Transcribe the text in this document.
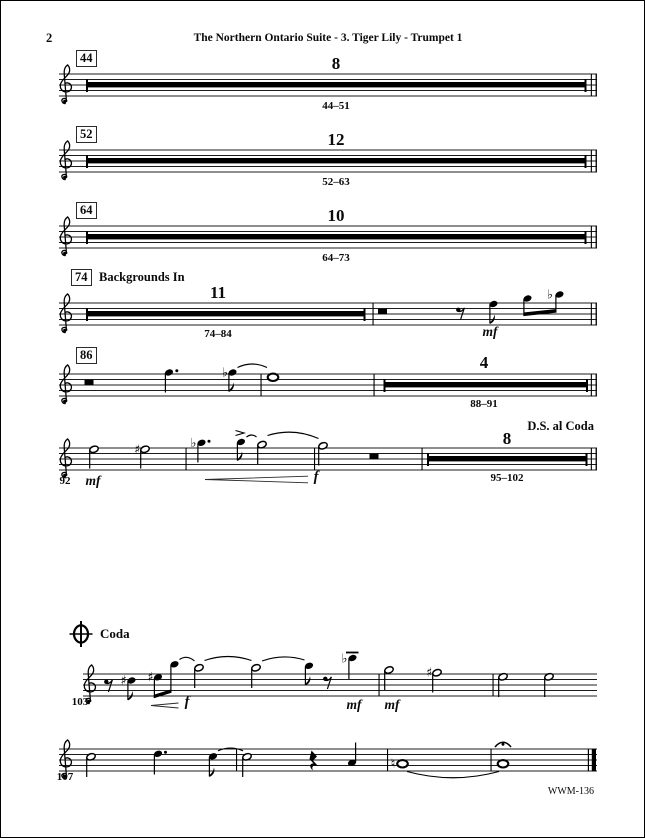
♭
♭
♯	♭
♯ ♯
♭
♯
♮
2	The Northern Ontario Suite - 3. Tiger Lily - Trumpet 1
44	8
44–51
52	12
52–63
64	10
64–73
74 Backgrounds In
11
74–84	mf
86	4
88–91
D.S. al Coda
92 mf	f
8
95–102
Coda
103	f	mf mf
107
WWM-136
